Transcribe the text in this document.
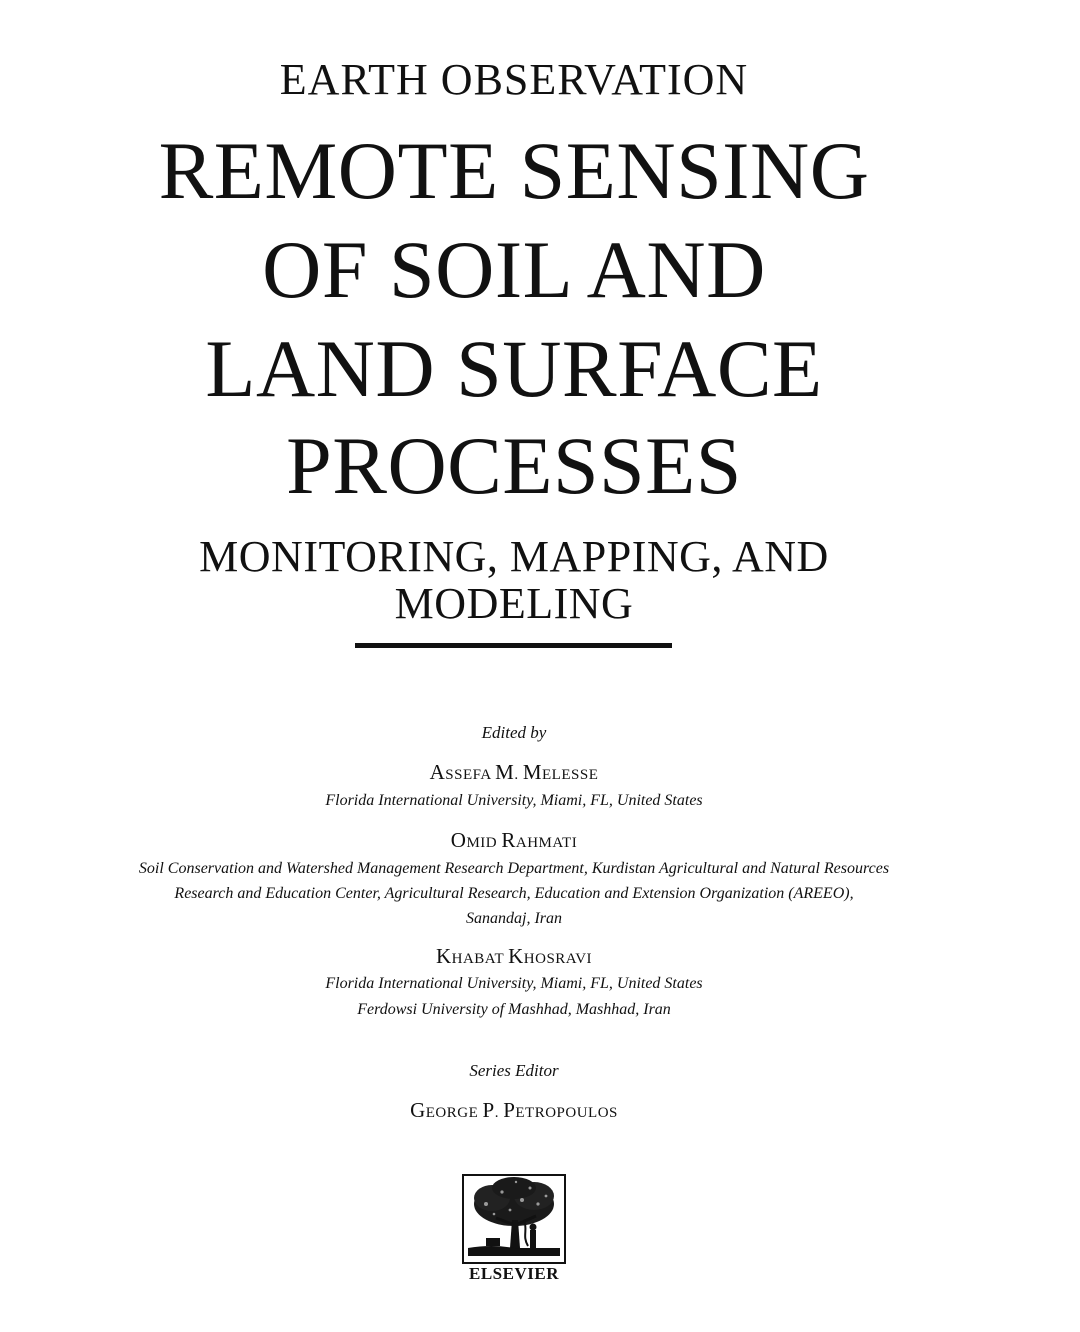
EARTH OBSERVATION
REMOTE SENSING
OF SOIL AND
LAND SURFACE
PROCESSES
MONITORING, MAPPING, AND
MODELING
Edited by
ASSEFA M. MELESSE
Florida International University, Miami, FL, United States
OMID RAHMATI
Soil Conservation and Watershed Management Research Department, Kurdistan Agricultural and Natural Resources
Research and Education Center, Agricultural Research, Education and Extension Organization (AREEO),
Sanandaj, Iran
KHABAT KHOSRAVI
Florida International University, Miami, FL, United States
Ferdowsi University of Mashhad, Mashhad, Iran
Series Editor
GEORGE P. PETROPOULOS
ELSEVIER
